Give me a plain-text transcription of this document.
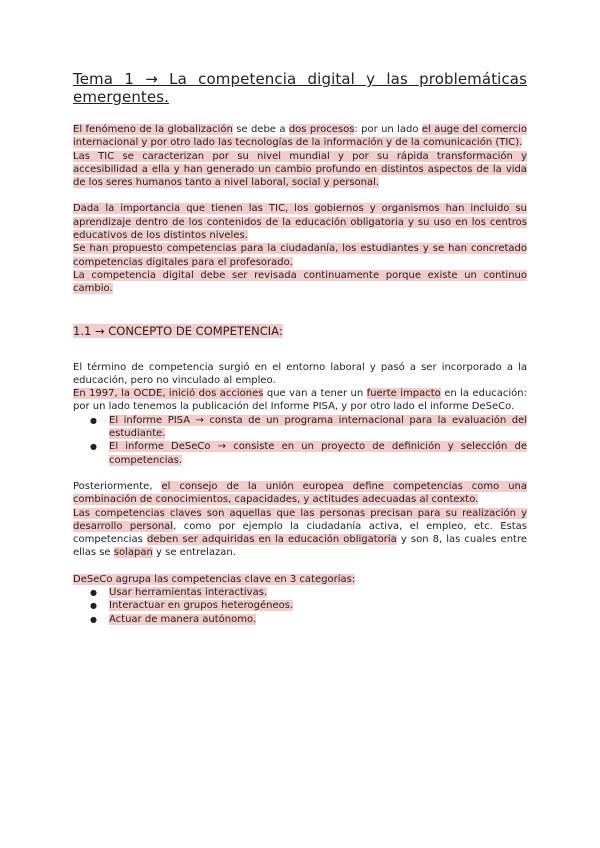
Tema 1 → La competencia digital y las problemáticas emergentes.

El fenómeno de la globalización se debe a dos procesos: por un lado el auge del comercio internacional y por otro lado las tecnologías de la información y de la comunicación (TIC).

Las TIC se caracterizan por su nivel mundial y por su rápida transformación y accesibilidad a ella y han generado un cambio profundo en distintos aspectos de la vida de los seres humanos tanto a nivel laboral, social y personal.

Dada la importancia que tienen las TIC, los gobiernos y organismos han incluido su aprendizaje dentro de los contenidos de la educación obligatoria y su uso en los centros educativos de los distintos niveles.

Se han propuesto competencias para la ciudadanía, los estudiantes y se han concretado competencias digitales para el profesorado.

La competencia digital debe ser revisada continuamente porque existe un continuo cambio.

1.1 → CONCEPTO DE COMPETENCIA:

El término de competencia surgió en el entorno laboral y pasó a ser incorporado a la educación, pero no vinculado al empleo.

En 1997, la OCDE, inició dos acciones que van a tener un fuerte impacto en la educación: por un lado tenemos la publicación del Informe PISA, y por otro lado el informe DeSeCo.

● El informe PISA → consta de un programa internacional para la evaluación del estudiante.
● El informe DeSeCo → consiste en un proyecto de definición y selección de competencias.

Posteriormente, el consejo de la unión europea define competencias como una combinación de conocimientos, capacidades, y actitudes adecuadas al contexto.

Las competencias claves son aquellas que las personas precisan para su realización y desarrollo personal, como por ejemplo la ciudadanía activa, el empleo, etc. Estas competencias deben ser adquiridas en la educación obligatoria y son 8, las cuales entre ellas se solapan y se entrelazan.

DeSeCo agrupa las competencias clave en 3 categorías:

● Usar herramientas interactivas.
● Interactuar en grupos heterogéneos.
● Actuar de manera autónomo.
